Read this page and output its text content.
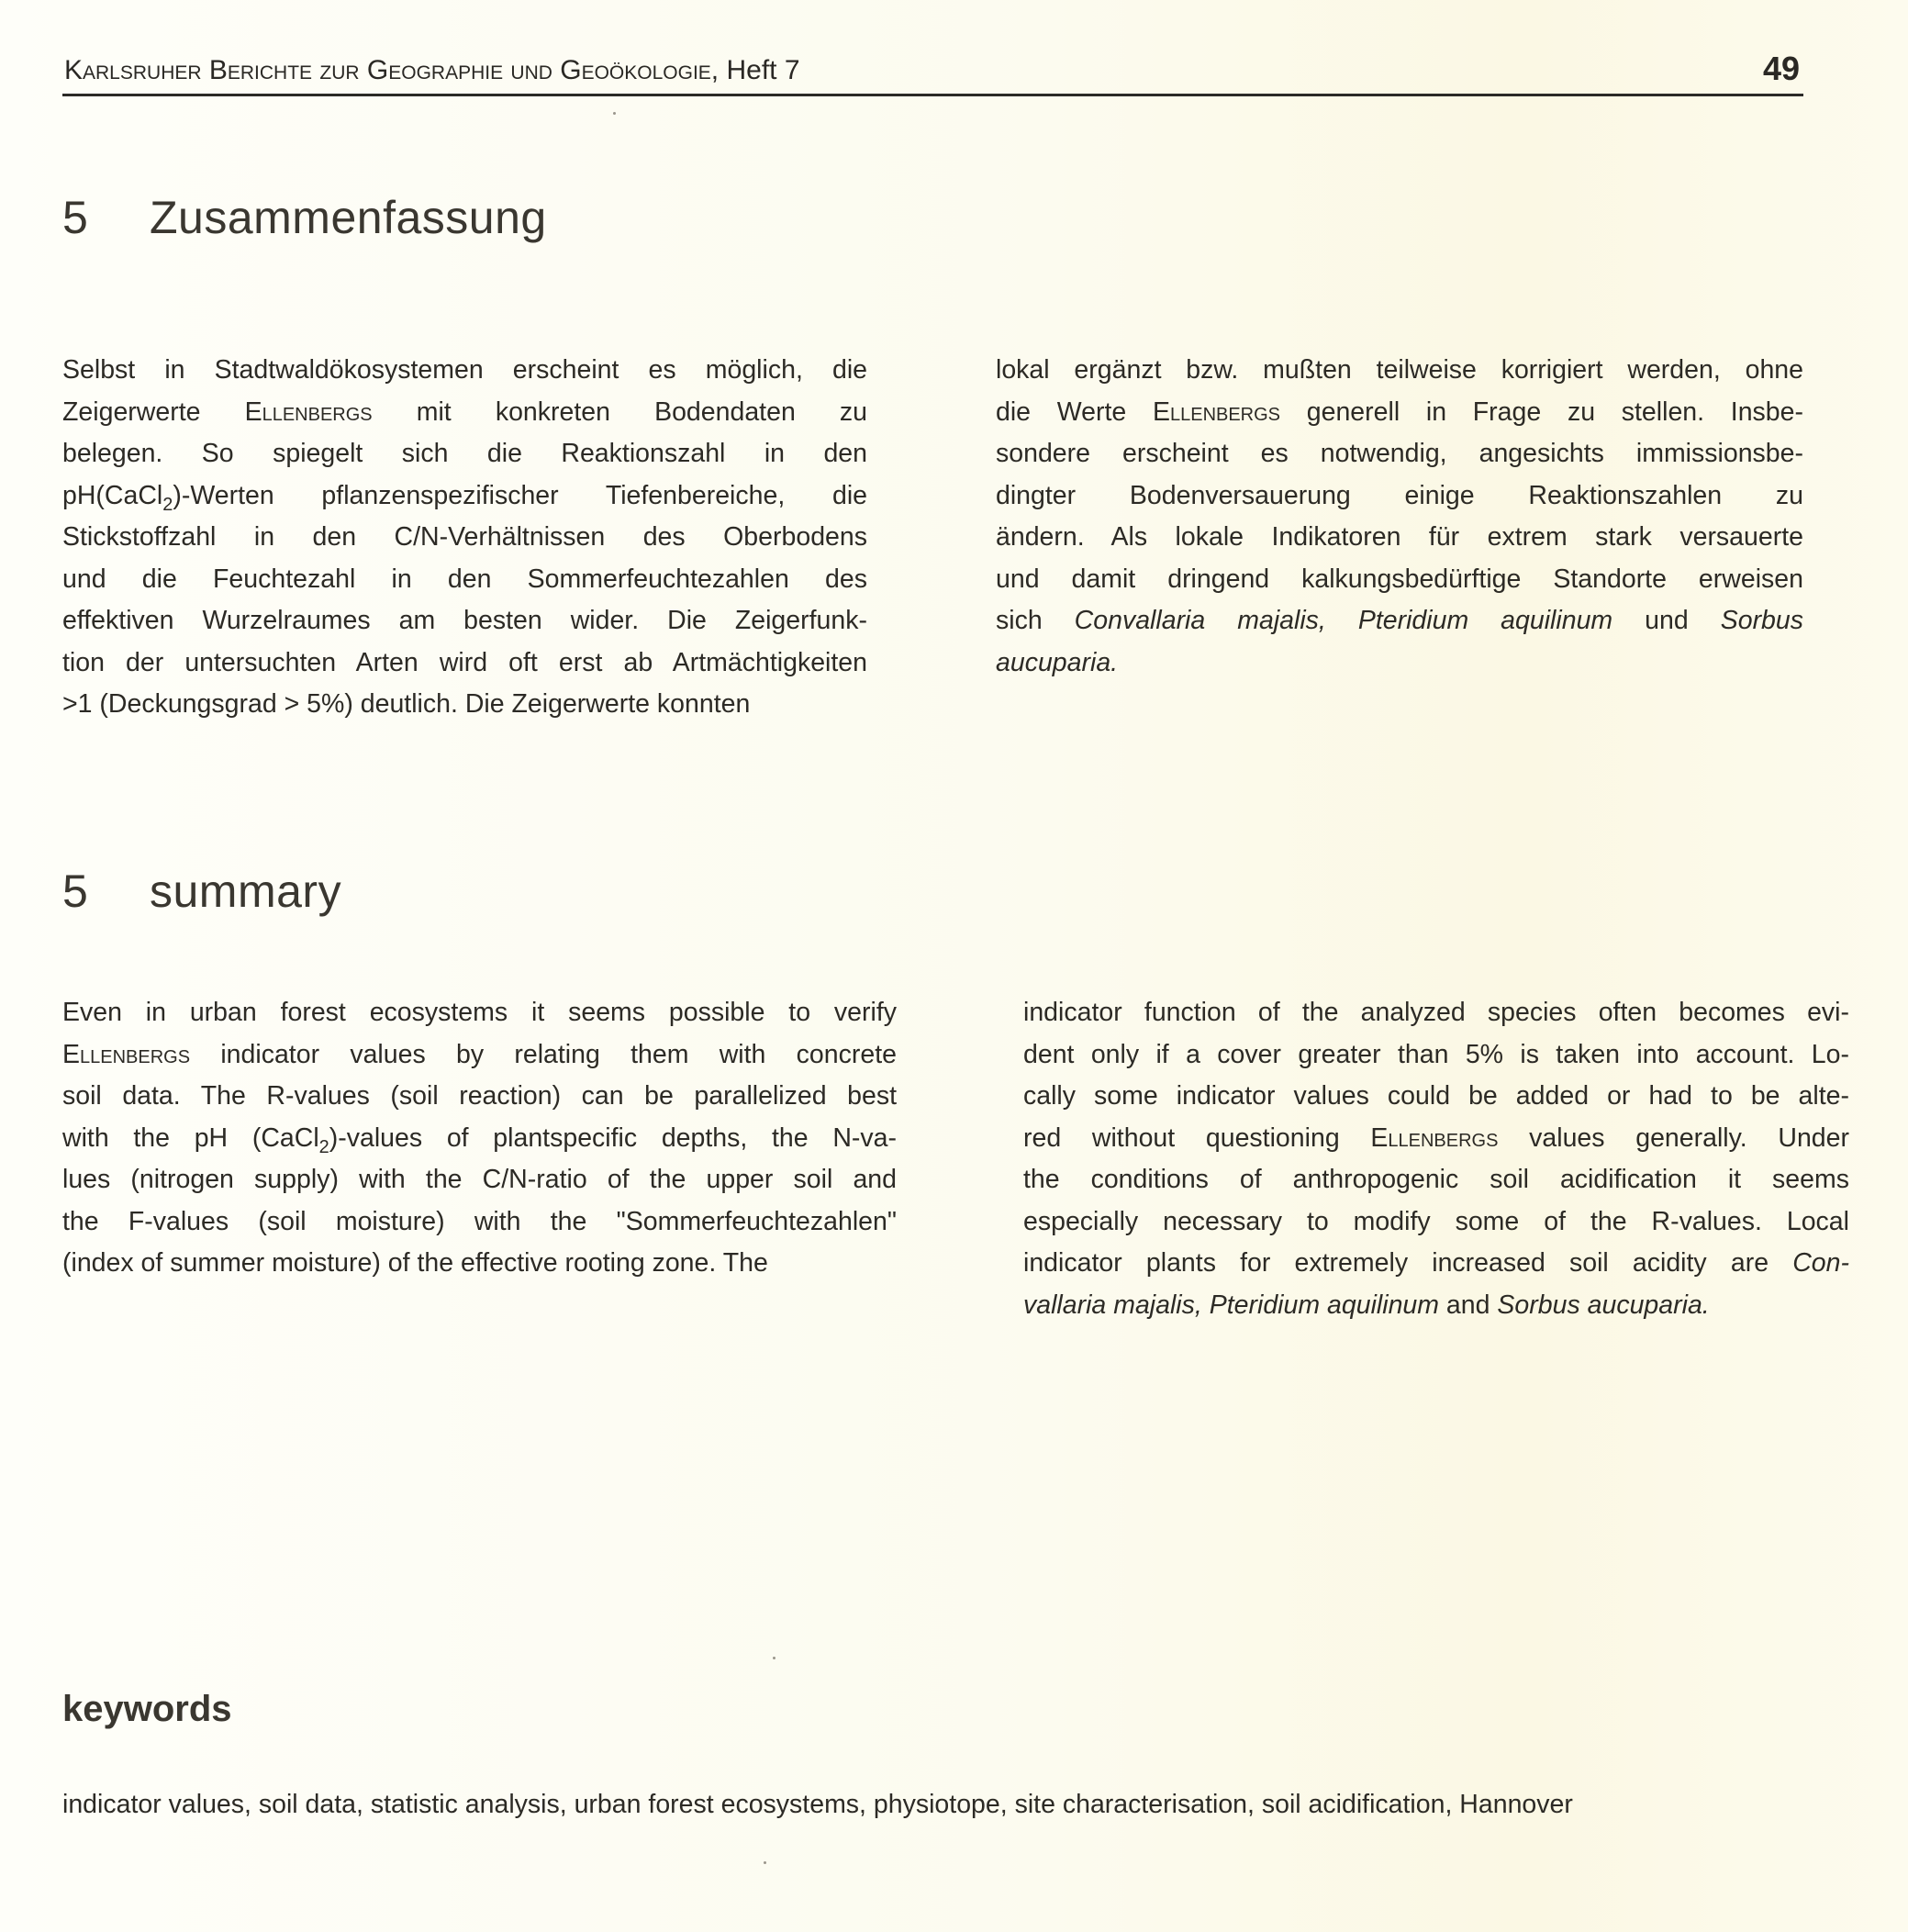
Karlsruher Berichte zur Geographie und Geoökologie, Heft 7	49
5 Zusammenfassung
Selbst in Stadtwaldökosystemen erscheint es möglich, die
Zeigerwerte Ellenbergs mit konkreten Bodendaten zu
belegen. So spiegelt sich die Reaktionszahl in den
pH(CaCl$_2$)-Werten pflanzenspezifischer Tiefenbereiche, die
Stickstoffzahl in den C/N-Verhältnissen des Oberbodens
und die Feuchtezahl in den Sommerfeuchtezahlen des
effektiven Wurzelraumes am besten wider. Die Zeigerfunk-
tion der untersuchten Arten wird oft erst ab Artmächtigkeiten
>1 (Deckungsgrad > 5%) deutlich. Die Zeigerwerte konnten
lokal ergänzt bzw. mußten teilweise korrigiert werden, ohne
die Werte Ellenbergs generell in Frage zu stellen. Insbe-
sondere erscheint es notwendig, angesichts immissionsbe-
dingter Bodenversauerung einige Reaktionszahlen zu
ändern. Als lokale Indikatoren für extrem stark versauerte
und damit dringend kalkungsbedürftige Standorte erweisen
sich Convallaria majalis, Pteridium aquilinum und Sorbus
aucuparia.
5 summary
Even in urban forest ecosystems it seems possible to verify
Ellenbergs indicator values by relating them with concrete
soil data. The R-values (soil reaction) can be parallelized best
with the pH (CaCl$_2$)-values of plantspecific depths, the N-va-
lues (nitrogen supply) with the C/N-ratio of the upper soil and
the F-values (soil moisture) with the "Sommerfeuchtezahlen"
(index of summer moisture) of the effective rooting zone. The
indicator function of the analyzed species often becomes evi-
dent only if a cover greater than 5% is taken into account. Lo-
cally some indicator values could be added or had to be alte-
red without questioning Ellenbergs values generally. Under
the conditions of anthropogenic soil acidification it seems
especially necessary to modify some of the R-values. Local
indicator plants for extremely increased soil acidity are Con-
vallaria majalis, Pteridium aquilinum and Sorbus aucuparia.
keywords
indicator values, soil data, statistic analysis, urban forest ecosystems, physiotope, site characterisation, soil acidification, Hannover
